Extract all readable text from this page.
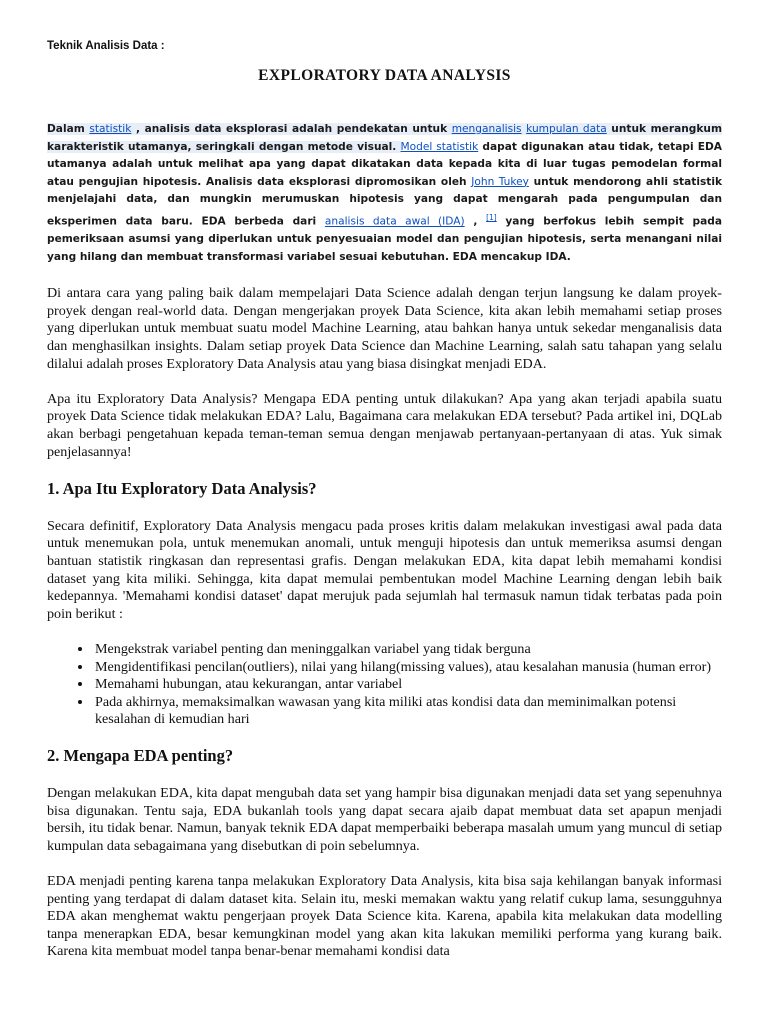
Teknik Analisis Data :
EXPLORATORY DATA ANALYSIS
Dalam statistik , analisis data eksplorasi adalah pendekatan untuk menganalisis kumpulan data untuk merangkum karakteristik utamanya, seringkali dengan metode visual. Model statistik dapat digunakan atau tidak, tetapi EDA utamanya adalah untuk melihat apa yang dapat dikatakan data kepada kita di luar tugas pemodelan formal atau pengujian hipotesis. Analisis data eksplorasi dipromosikan oleh John Tukey untuk mendorong ahli statistik menjelajahi data, dan mungkin merumuskan hipotesis yang dapat mengarah pada pengumpulan dan eksperimen data baru. EDA berbeda dari analisis data awal (IDA) , [1] yang berfokus lebih sempit pada pemeriksaan asumsi yang diperlukan untuk penyesuaian model dan pengujian hipotesis, serta menangani nilai yang hilang dan membuat transformasi variabel sesuai kebutuhan. EDA mencakup IDA.

Di antara cara yang paling baik dalam mempelajari Data Science adalah dengan terjun langsung ke dalam proyek-proyek dengan real-world data. Dengan mengerjakan proyek Data Science, kita akan lebih memahami setiap proses yang diperlukan untuk membuat suatu model Machine Learning, atau bahkan hanya untuk sekedar menganalisis data dan menghasilkan insights. Dalam setiap proyek Data Science dan Machine Learning, salah satu tahapan yang selalu dilalui adalah proses Exploratory Data Analysis atau yang biasa disingkat menjadi EDA.

Apa itu Exploratory Data Analysis? Mengapa EDA penting untuk dilakukan? Apa yang akan terjadi apabila suatu proyek Data Science tidak melakukan EDA? Lalu, Bagaimana cara melakukan EDA tersebut? Pada artikel ini, DQLab akan berbagi pengetahuan kepada teman-teman semua dengan menjawab pertanyaan-pertanyaan di atas. Yuk simak penjelasannya!

1. Apa Itu Exploratory Data Analysis?

Secara definitif, Exploratory Data Analysis mengacu pada proses kritis dalam melakukan investigasi awal pada data untuk menemukan pola, untuk menemukan anomali, untuk menguji hipotesis dan untuk memeriksa asumsi dengan bantuan statistik ringkasan dan representasi grafis. Dengan melakukan EDA, kita dapat lebih memahami kondisi dataset yang kita miliki. Sehingga, kita dapat memulai pembentukan model Machine Learning dengan lebih baik kedepannya. 'Memahami kondisi dataset' dapat merujuk pada sejumlah hal termasuk namun tidak terbatas pada poin poin berikut :

• Mengekstrak variabel penting dan meninggalkan variabel yang tidak berguna
• Mengidentifikasi pencilan(outliers), nilai yang hilang(missing values), atau kesalahan manusia (human error)
• Memahami hubungan, atau kekurangan, antar variabel
• Pada akhirnya, memaksimalkan wawasan yang kita miliki atas kondisi data dan meminimalkan potensi kesalahan di kemudian hari
2. Mengapa EDA penting?

Dengan melakukan EDA, kita dapat mengubah data set yang hampir bisa digunakan menjadi data set yang sepenuhnya bisa digunakan. Tentu saja, EDA bukanlah tools yang dapat secara ajaib dapat membuat data set apapun menjadi bersih, itu tidak benar. Namun, banyak teknik EDA dapat memperbaiki beberapa masalah umum yang muncul di setiap kumpulan data sebagaimana yang disebutkan di poin sebelumnya.

EDA menjadi penting karena tanpa melakukan Exploratory Data Analysis, kita bisa saja kehilangan banyak informasi penting yang terdapat di dalam dataset kita. Selain itu, meski memakan waktu yang relatif cukup lama, sesungguhnya EDA akan menghemat waktu pengerjaan proyek Data Science kita. Karena, apabila kita melakukan data modelling tanpa menerapkan EDA, besar kemungkinan model yang akan kita lakukan memiliki performa yang kurang baik. Karena kita membuat model tanpa benar-benar memahami kondisi data
